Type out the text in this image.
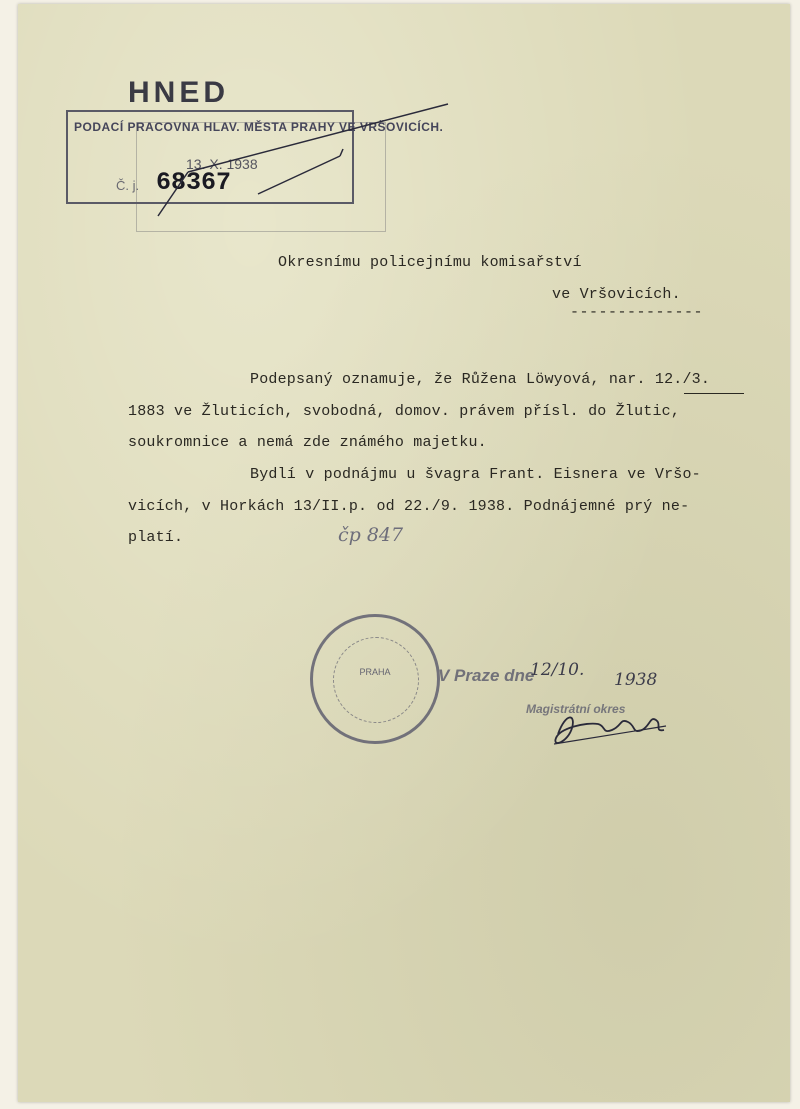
HNED
PODACÍ PRACOVNA HLAV. MĚSTA PRAHY VE VRŠOVICÍCH.
13. X. 1938
Č. j. 68367
Okresnímu policejnímu komisařství
ve Vršovicích.
--------------
Podepsaný oznamuje, že Růžena Löwyová, nar. 12./3.
1883 ve Žluticích, svobodná, domov. právem přísl. do Žlutic,
soukromnice a nemá zde známého majetku.
Bydlí v podnájmu u švagra Frant. Eisnera ve Vršo-
vicích, v Horkách 13/II.p. od 22./9. 1938. Podnájemné prý ne-
platí.	čp 847
PRAHA	V Praze dne
12/10. 1938
Magistrátní okres
